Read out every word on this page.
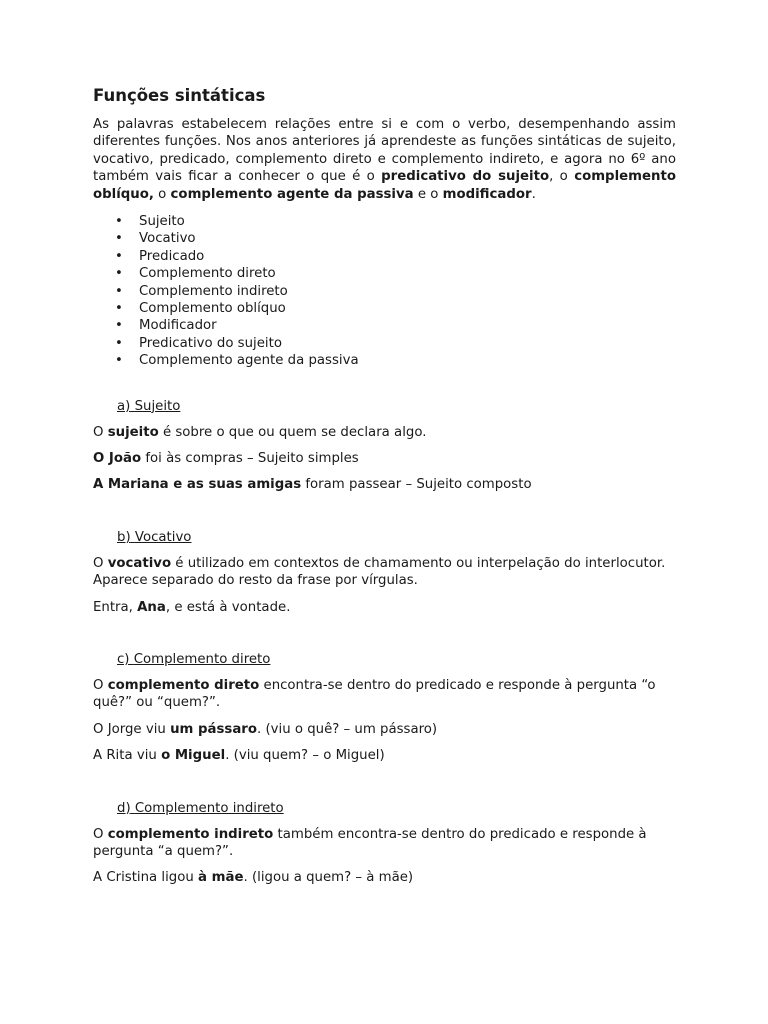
Funções sintáticas

As palavras estabelecem relações entre si e com o verbo, desempenhando assim diferentes funções. Nos anos anteriores já aprendeste as funções sintáticas de sujeito, vocativo, predicado, complemento direto e complemento indireto, e agora no 6º ano também vais ficar a conhecer o que é o predicativo do sujeito, o complemento oblíquo, o complemento agente da passiva e o modificador.

• Sujeito
• Vocativo
• Predicado
• Complemento direto
• Complemento indireto
• Complemento oblíquo
• Modificador
• Predicativo do sujeito
• Complemento agente da passiva
a) Sujeito

O sujeito é sobre o que ou quem se declara algo.

O João foi às compras – Sujeito simples

A Mariana e as suas amigas foram passear – Sujeito composto

b) Vocativo

O vocativo é utilizado em contextos de chamamento ou interpelação do interlocutor. Aparece separado do resto da frase por vírgulas.

Entra, Ana, e está à vontade.

c) Complemento direto

O complemento direto encontra-se dentro do predicado e responde à pergunta “o quê?” ou “quem?”.

O Jorge viu um pássaro. (viu o quê? – um pássaro)

A Rita viu o Miguel. (viu quem? – o Miguel)

d) Complemento indireto

O complemento indireto também encontra-se dentro do predicado e responde à pergunta “a quem?”.

A Cristina ligou à mãe. (ligou a quem? – à mãe)
